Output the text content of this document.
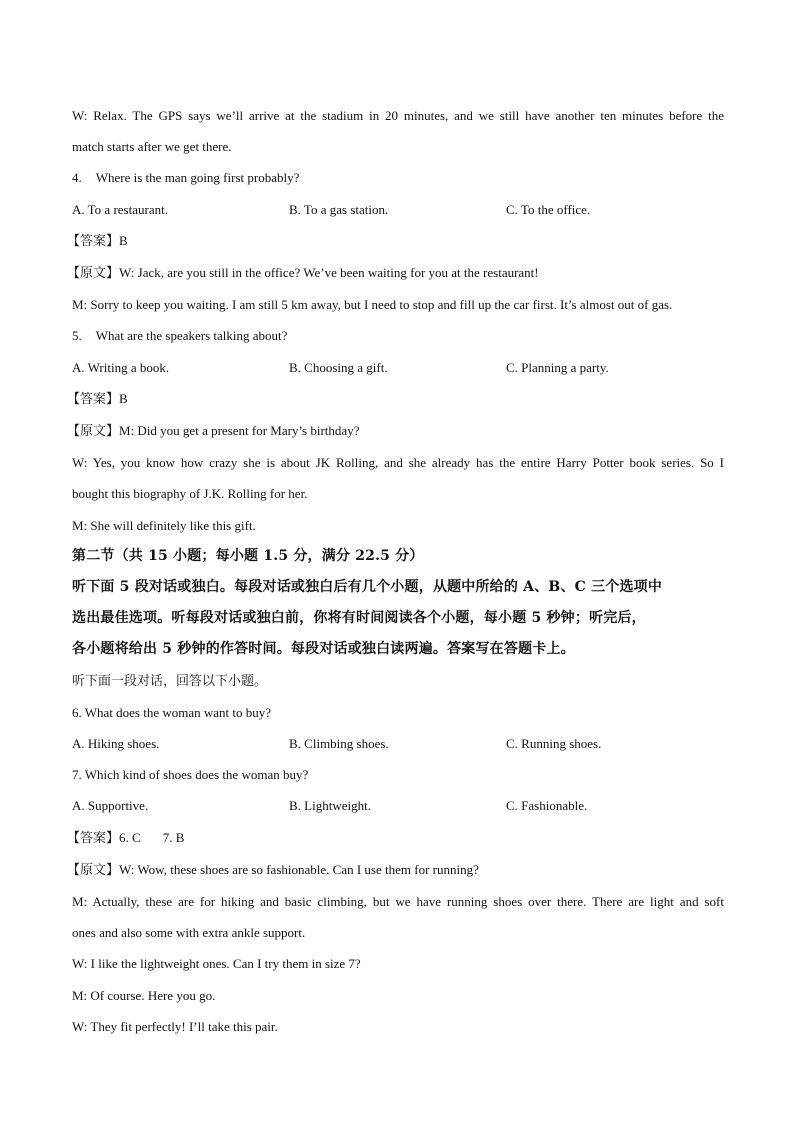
W: Relax. The GPS says we’ll arrive at the stadium in 20 minutes, and we still have another ten minutes before the
match starts after we get there.
4. Where is the man going first probably?
A. To a restaurant.	B. To a gas station.	C. To the office.
【答案】B
【原文】W: Jack, are you still in the office? We’ve been waiting for you at the restaurant!
M: Sorry to keep you waiting. I am still 5 km away, but I need to stop and fill up the car first. It’s almost out of gas.
5. What are the speakers talking about?
A. Writing a book.	B. Choosing a gift.	C. Planning a party.
【答案】B
【原文】M: Did you get a present for Mary’s birthday?
W: Yes, you know how crazy she is about JK Rolling, and she already has the entire Harry Potter book series. So I
bought this biography of J.K. Rolling for her.
M: She will definitely like this gift.
第二节（共 15 小题；每小题 1.5 分，满分 22.5 分）
听下面 5 段对话或独白。每段对话或独白后有几个小题，从题中所给的 A、B、C 三个选项中
选出最佳选项。听每段对话或独白前，你将有时间阅读各个小题，每小题 5 秒钟；听完后，
各小题将给出 5 秒钟的作答时间。每段对话或独白读两遍。答案写在答题卡上。
听下面一段对话，回答以下小题。
6. What does the woman want to buy?
A. Hiking shoes.	B. Climbing shoes.	C. Running shoes.
7. Which kind of shoes does the woman buy?
A. Supportive.	B. Lightweight.	C. Fashionable.
【答案】6. C 7. B
【原文】W: Wow, these shoes are so fashionable. Can I use them for running?
M: Actually, these are for hiking and basic climbing, but we have running shoes over there. There are light and soft
ones and also some with extra ankle support.
W: I like the lightweight ones. Can I try them in size 7?
M: Of course. Here you go.
W: They fit perfectly! I’ll take this pair.
